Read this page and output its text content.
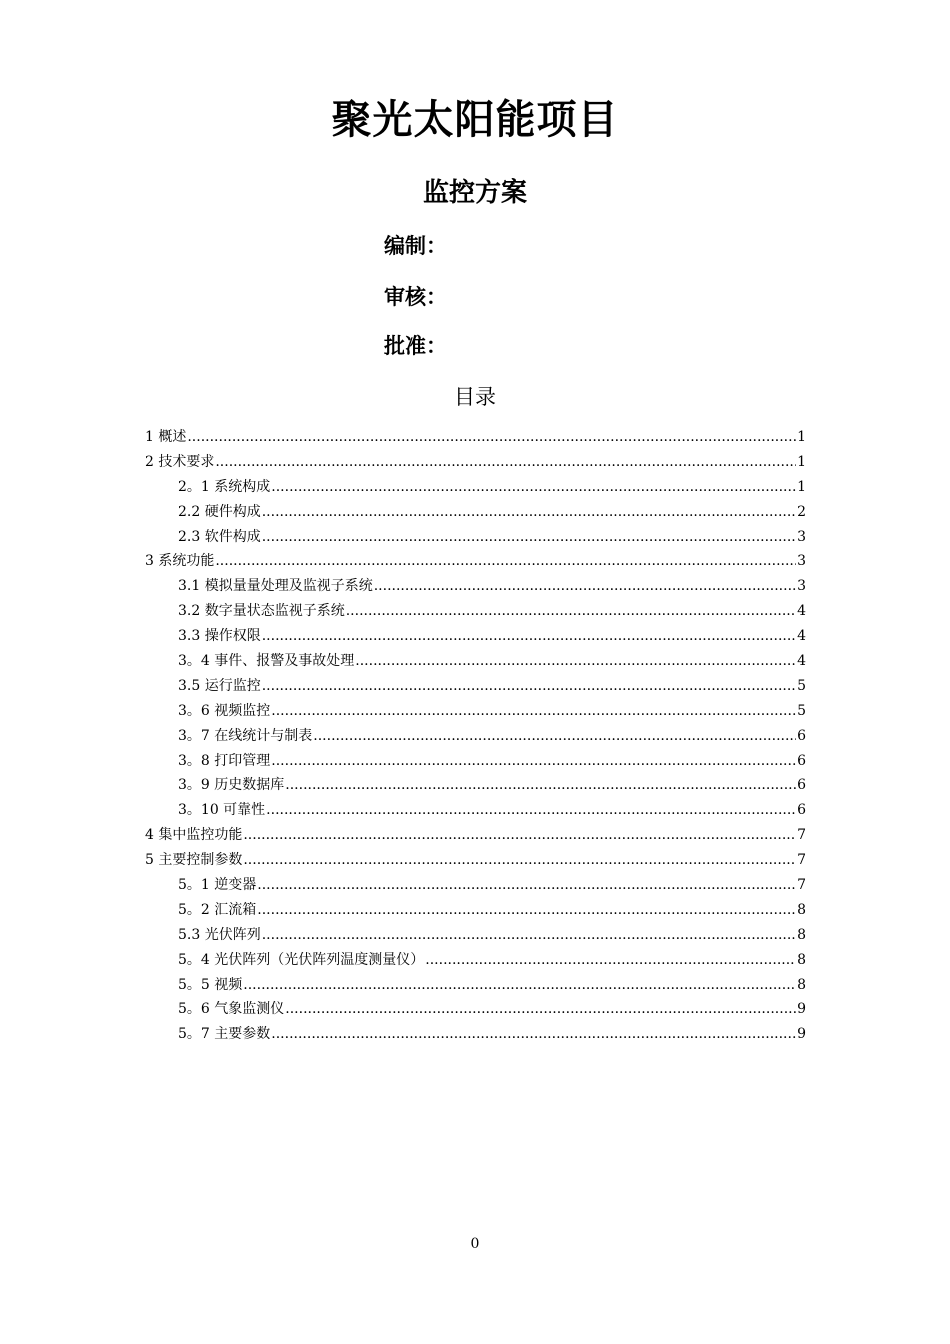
聚光太阳能项目
监控方案
编制：
审核：
批准：
目录
1 概述 .....	1
2 技术要求 .....	1
2。1 系统构成 .....	1
2.2 硬件构成 .....	2
2.3 软件构成 .....	3
3 系统功能 .....	3
3.1 模拟量量处理及监视子系统 .....	3
3.2 数字量状态监视子系统 .....	4
3.3 操作权限 .....	4
3。4 事件、报警及事故处理 .....	4
3.5 运行监控 .....	5
3。6 视频监控 .....	5
3。7 在线统计与制表 .....	6
3。8 打印管理 .....	6
3。9 历史数据库 .....	6
3。10 可靠性 .....	6
4 集中监控功能 .....	7
5 主要控制参数 .....	7
5。1 逆变器 .....	7
5。2 汇流箱 .....	8
5.3 光伏阵列 .....	8
5。4 光伏阵列（光伏阵列温度测量仪） .....	8
5。5 视频 .....	8
5。6 气象监测仪 .....	9
5。7 主要参数 .....	9
0
